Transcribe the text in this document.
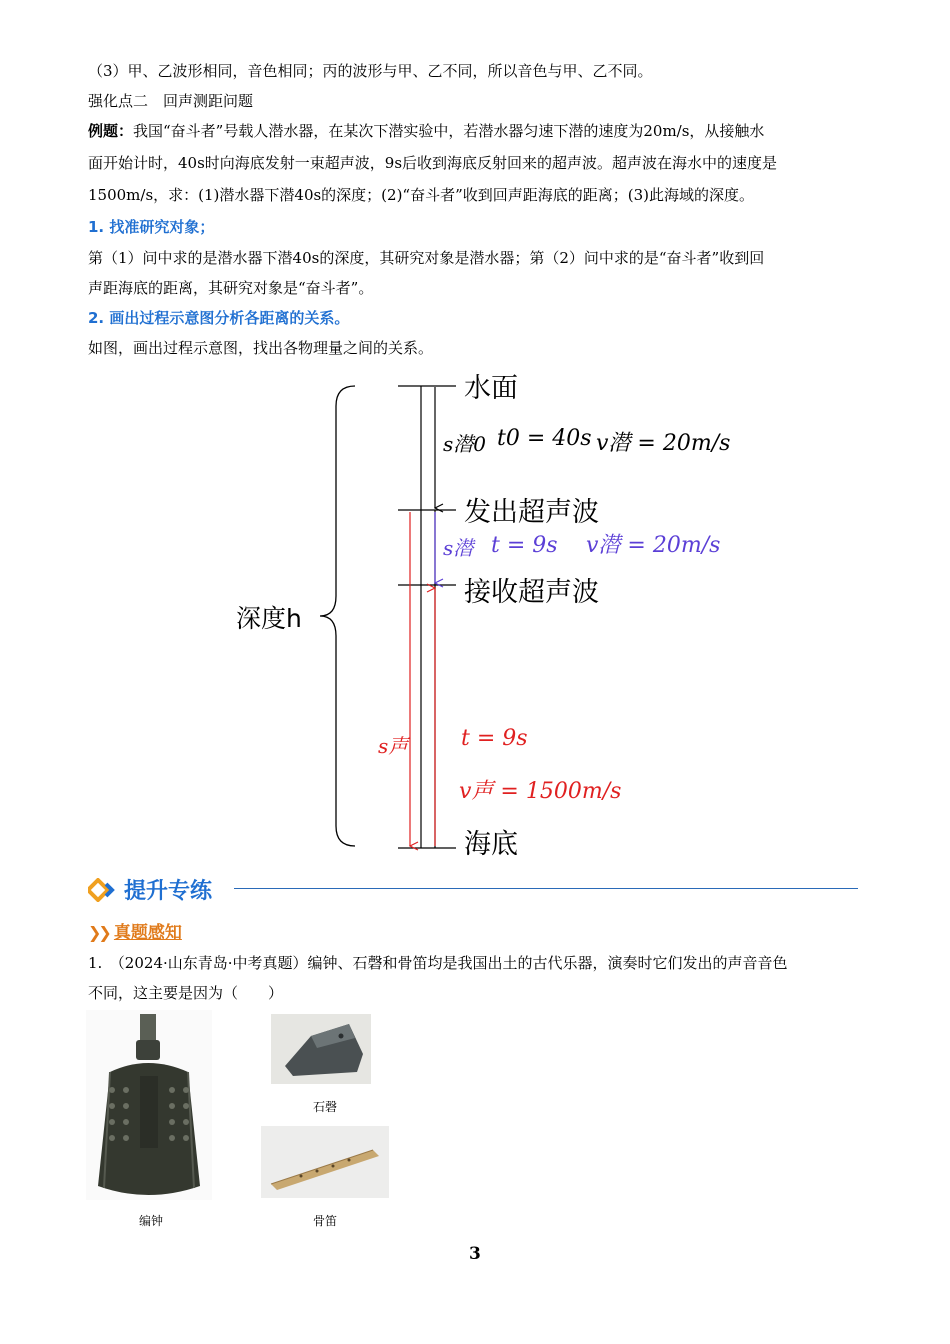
（3）甲、乙波形相同，音色相同；丙的波形与甲、乙不同，所以音色与甲、乙不同。

强化点二　回声测距问题

例题：我国“奋斗者”号载人潜水器，在某次下潜实验中，若潜水器匀速下潜的速度为20m/s，从接触水

面开始计时，40s时向海底发射一束超声波，9s后收到海底反射回来的超声波。超声波在海水中的速度是

1500m/s，求：(1)潜水器下潜40s的深度；(2)“奋斗者”收到回声距海底的距离；(3)此海域的深度。

1. 找准研究对象；

第（1）问中求的是潜水器下潜40s的深度，其研究对象是潜水器；第（2）问中求的是“奋斗者”收到回

声距海底的距离，其研究对象是“奋斗者”。

2. 画出过程示意图分析各距离的关系。

如图，画出过程示意图，找出各物理量之间的关系。

水面
发出超声波
接收超声波
海底
深度h
s潜0 t0 = 40s v潜 = 20m/s
s潜 t = 9s v潜 = 20m/s
s声 t = 9s
v声 = 1500m/s
提升专练
❯❯ 真题感知

1.　（2024·山东青岛·中考真题）编钟、石磬和骨笛均是我国出土的古代乐器，演奏时它们发出的声音音色

不同，这主要是因为（　　）

编钟
石磬
骨笛
3
